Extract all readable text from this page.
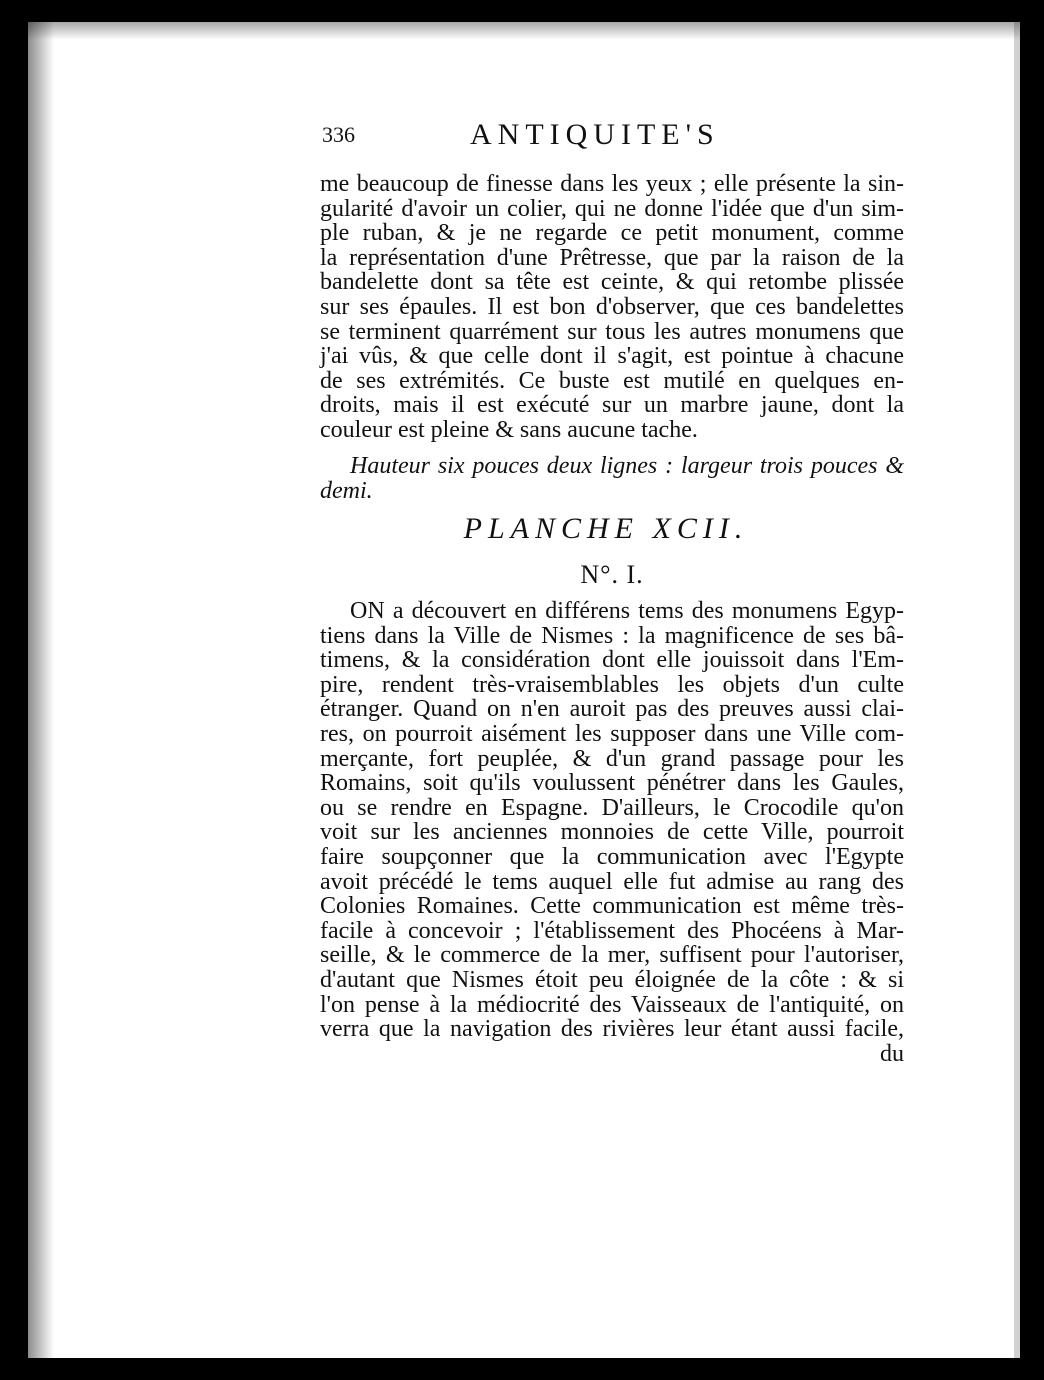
336	ANTIQUITE'S
me beaucoup de finesse dans les yeux ; elle présente la sin-
gularité d'avoir un colier, qui ne donne l'idée que d'un sim-
ple ruban, & je ne regarde ce petit monument, comme
la représentation d'une Prêtresse, que par la raison de la
bandelette dont sa tête est ceinte, & qui retombe plissée
sur ses épaules. Il est bon d'observer, que ces bandelettes
se terminent quarrément sur tous les autres monumens que
j'ai vûs, & que celle dont il s'agit, est pointue à chacune
de ses extrémités. Ce buste est mutilé en quelques en-
droits, mais il est exécuté sur un marbre jaune, dont la
couleur est pleine & sans aucune tache.
Hauteur six pouces deux lignes : largeur trois pouces &
demi.
PLANCHE XCII.
N°. I.
ON a découvert en différens tems des monumens Egyp-
tiens dans la Ville de Nismes : la magnificence de ses bâ-
timens, & la considération dont elle jouissoit dans l'Em-
pire, rendent très-vraisemblables les objets d'un culte
étranger. Quand on n'en auroit pas des preuves aussi clai-
res, on pourroit aisément les supposer dans une Ville com-
merçante, fort peuplée, & d'un grand passage pour les
Romains, soit qu'ils voulussent pénétrer dans les Gaules,
ou se rendre en Espagne. D'ailleurs, le Crocodile qu'on
voit sur les anciennes monnoies de cette Ville, pourroit
faire soupçonner que la communication avec l'Egypte
avoit précédé le tems auquel elle fut admise au rang des
Colonies Romaines. Cette communication est même très-
facile à concevoir ; l'établissement des Phocéens à Mar-
seille, & le commerce de la mer, suffisent pour l'autoriser,
d'autant que Nismes étoit peu éloignée de la côte : & si
l'on pense à la médiocrité des Vaisseaux de l'antiquité, on
verra que la navigation des rivières leur étant aussi facile,
du
